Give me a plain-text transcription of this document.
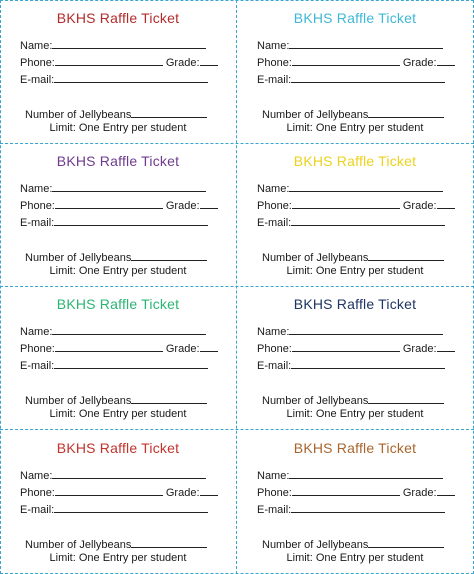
BKHS Raffle Ticket
Name:
Phone:	Grade:
E-mail:
Number of Jellybeans
Limit: One Entry per student
BKHS Raffle Ticket
Name:
Phone:	Grade:
E-mail:
Number of Jellybeans
Limit: One Entry per student
BKHS Raffle Ticket
Name:
Phone:	Grade:
E-mail:
Number of Jellybeans
Limit: One Entry per student
BKHS Raffle Ticket
Name:
Phone:	Grade:
E-mail:
Number of Jellybeans
Limit: One Entry per student
BKHS Raffle Ticket
Name:
Phone:	Grade:
E-mail:
Number of Jellybeans
Limit: One Entry per student
BKHS Raffle Ticket
Name:
Phone:	Grade:
E-mail:
Number of Jellybeans
Limit: One Entry per student
BKHS Raffle Ticket
Name:
Phone:	Grade:
E-mail:
Number of Jellybeans
Limit: One Entry per student
BKHS Raffle Ticket
Name:
Phone:	Grade:
E-mail:
Number of Jellybeans
Limit: One Entry per student
